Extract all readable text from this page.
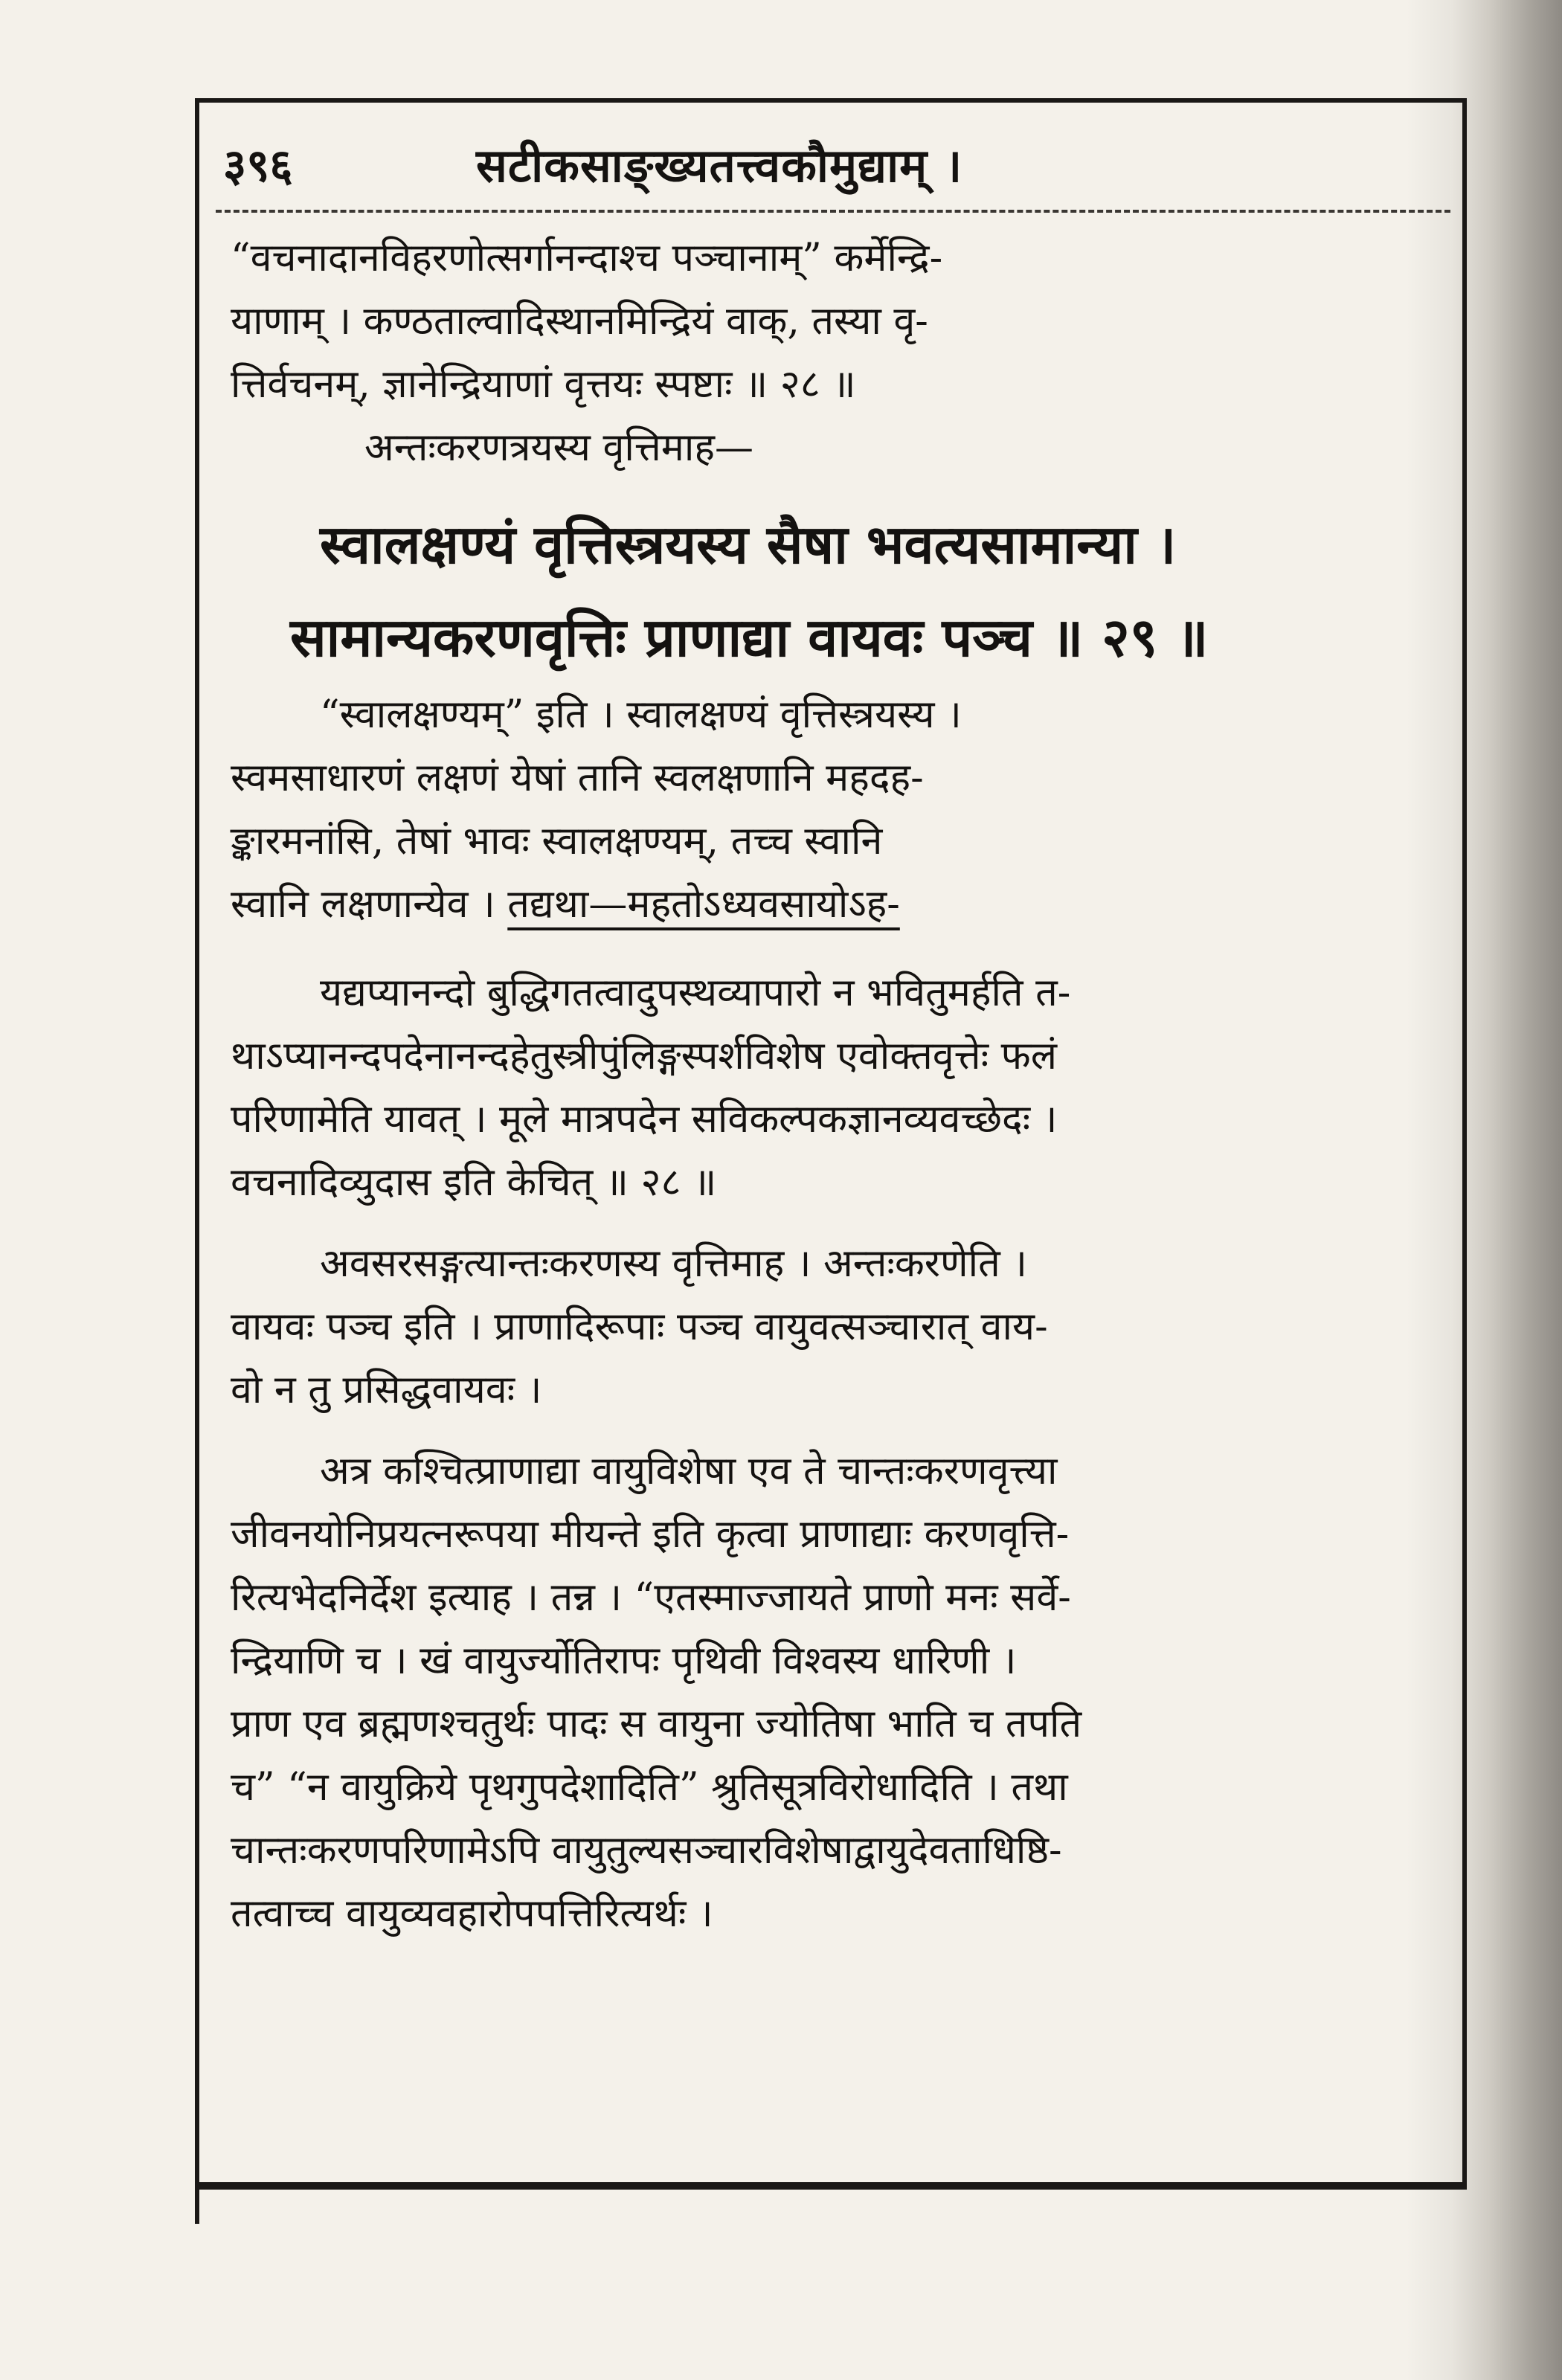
३९६	सटीकसाङ्ख्यतत्त्वकौमुद्याम् ।
“वचनादानविहरणोत्सर्गानन्दाश्च पञ्चानाम्” कर्मेन्द्रि-
याणाम् । कण्ठताल्वादिस्थानमिन्द्रियं वाक्, तस्या वृ-
त्तिर्वचनम्, ज्ञानेन्द्रियाणां वृत्तयः स्पष्टाः ॥ २८ ॥
अन्तःकरणत्रयस्य वृत्तिमाह—
स्वालक्षण्यं वृत्तिस्त्रयस्य सैषा भवत्यसामान्या ।
सामान्यकरणवृत्तिः प्राणाद्या वायवः पञ्च ॥ २९ ॥
“स्वालक्षण्यम्” इति । स्वालक्षण्यं वृत्तिस्त्रयस्य ।
स्वमसाधारणं लक्षणं येषां तानि स्वलक्षणानि महदह-
ङ्कारमनांसि, तेषां भावः स्वालक्षण्यम्, तच्च स्वानि
स्वानि लक्षणान्येव । तद्यथा—महतोऽध्यवसायोऽह-
यद्यप्यानन्दो बुद्धिगतत्वादुपस्थव्यापारो न भवितुमर्हति त-
थाऽप्यानन्दपदेनानन्दहेतुस्त्रीपुंलिङ्गस्पर्शविशेष एवोक्तवृत्तेः फलं
परिणामेति यावत् । मूले मात्रपदेन सविकल्पकज्ञानव्यवच्छेदः ।
वचनादिव्युदास इति केचित् ॥ २८ ॥
अवसरसङ्गत्यान्तःकरणस्य वृत्तिमाह । अन्तःकरणेति ।
वायवः पञ्च इति । प्राणादिरूपाः पञ्च वायुवत्सञ्चारात् वाय-
वो न तु प्रसिद्धवायवः ।
अत्र कश्चित्प्राणाद्या वायुविशेषा एव ते चान्तःकरणवृत्त्या
जीवनयोनिप्रयत्नरूपया मीयन्ते इति कृत्वा प्राणाद्याः करणवृत्ति-
रित्यभेदनिर्देश इत्याह । तन्न । “एतस्माज्जायते प्राणो मनः सर्वे-
न्द्रियाणि च । खं वायुर्ज्योतिरापः पृथिवी विश्वस्य धारिणी ।
प्राण एव ब्रह्मणश्चतुर्थः पादः स वायुना ज्योतिषा भाति च तपति
च” “न वायुक्रिये पृथगुपदेशादिति” श्रुतिसूत्रविरोधादिति । तथा
चान्तःकरणपरिणामेऽपि वायुतुल्यसञ्चारविशेषाद्वायुदेवताधिष्ठि-
तत्वाच्च वायुव्यवहारोपपत्तिरित्यर्थः ।
